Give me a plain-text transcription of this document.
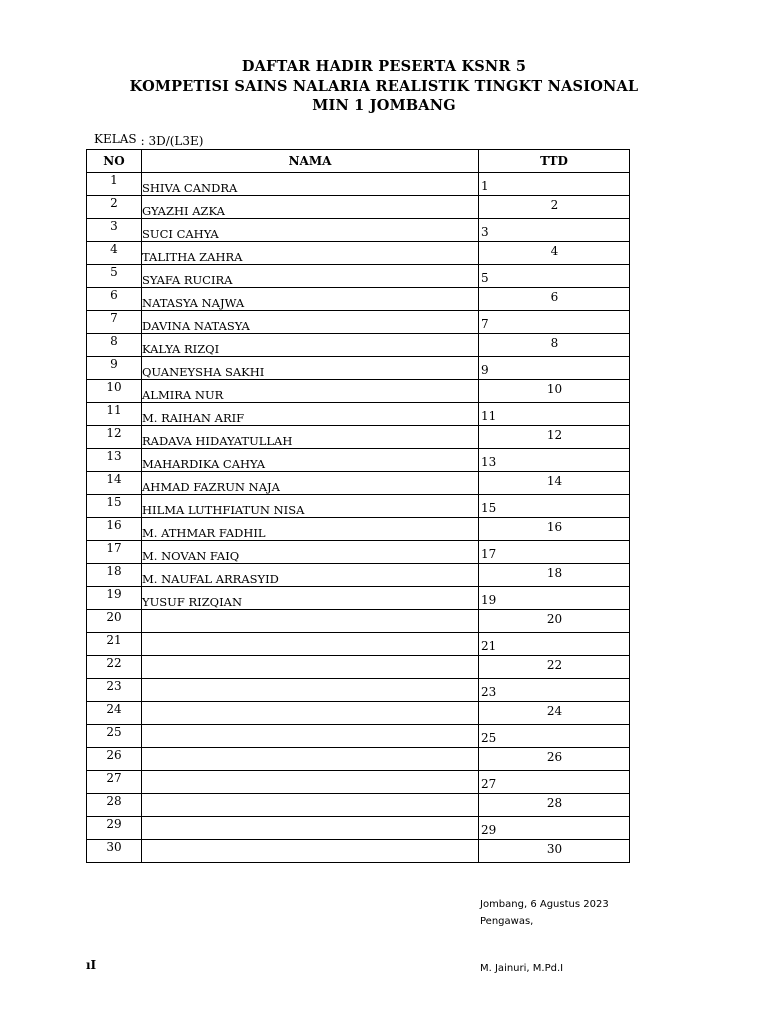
DAFTAR HADIR PESERTA KSNR 5
KOMPETISI SAINS NALARIA REALISTIK TINGKT NASIONAL
MIN 1 JOMBANG
KELAS : 3D/(L3E)
NO	NAMA	TTD
1	SHIVA CANDRA	1

2	GYAZHI AZKA	2

3	SUCI CAHYA	3

4	TALITHA ZAHRA	4

5	SYAFA RUCIRA	5

6	NATASYA NAJWA	6

7	DAVINA NATASYA	7

8	KALYA RIZQI	8

9	QUANEYSHA SAKHI	9

10	ALMIRA NUR	10

11	M. RAIHAN ARIF	11

12	RADAVA HIDAYATULLAH	12

13	MAHARDIKA CAHYA	13

14	AHMAD FAZRUN NAJA	14

15	HILMA LUTHFIATUN NISA	15

16	M. ATHMAR FADHIL	16

17	M. NOVAN FAIQ	17

18	M. NAUFAL ARRASYID	18

19	YUSUF RIZQIAN	19

20		20

21		21

22		22

23		23

24		24

25		25

26		26

27		27

28		28

29		29

30		30
Jombang, 6 Agustus 2023
Pengawas,
M. Jainuri, M.Pd.I
ıI
